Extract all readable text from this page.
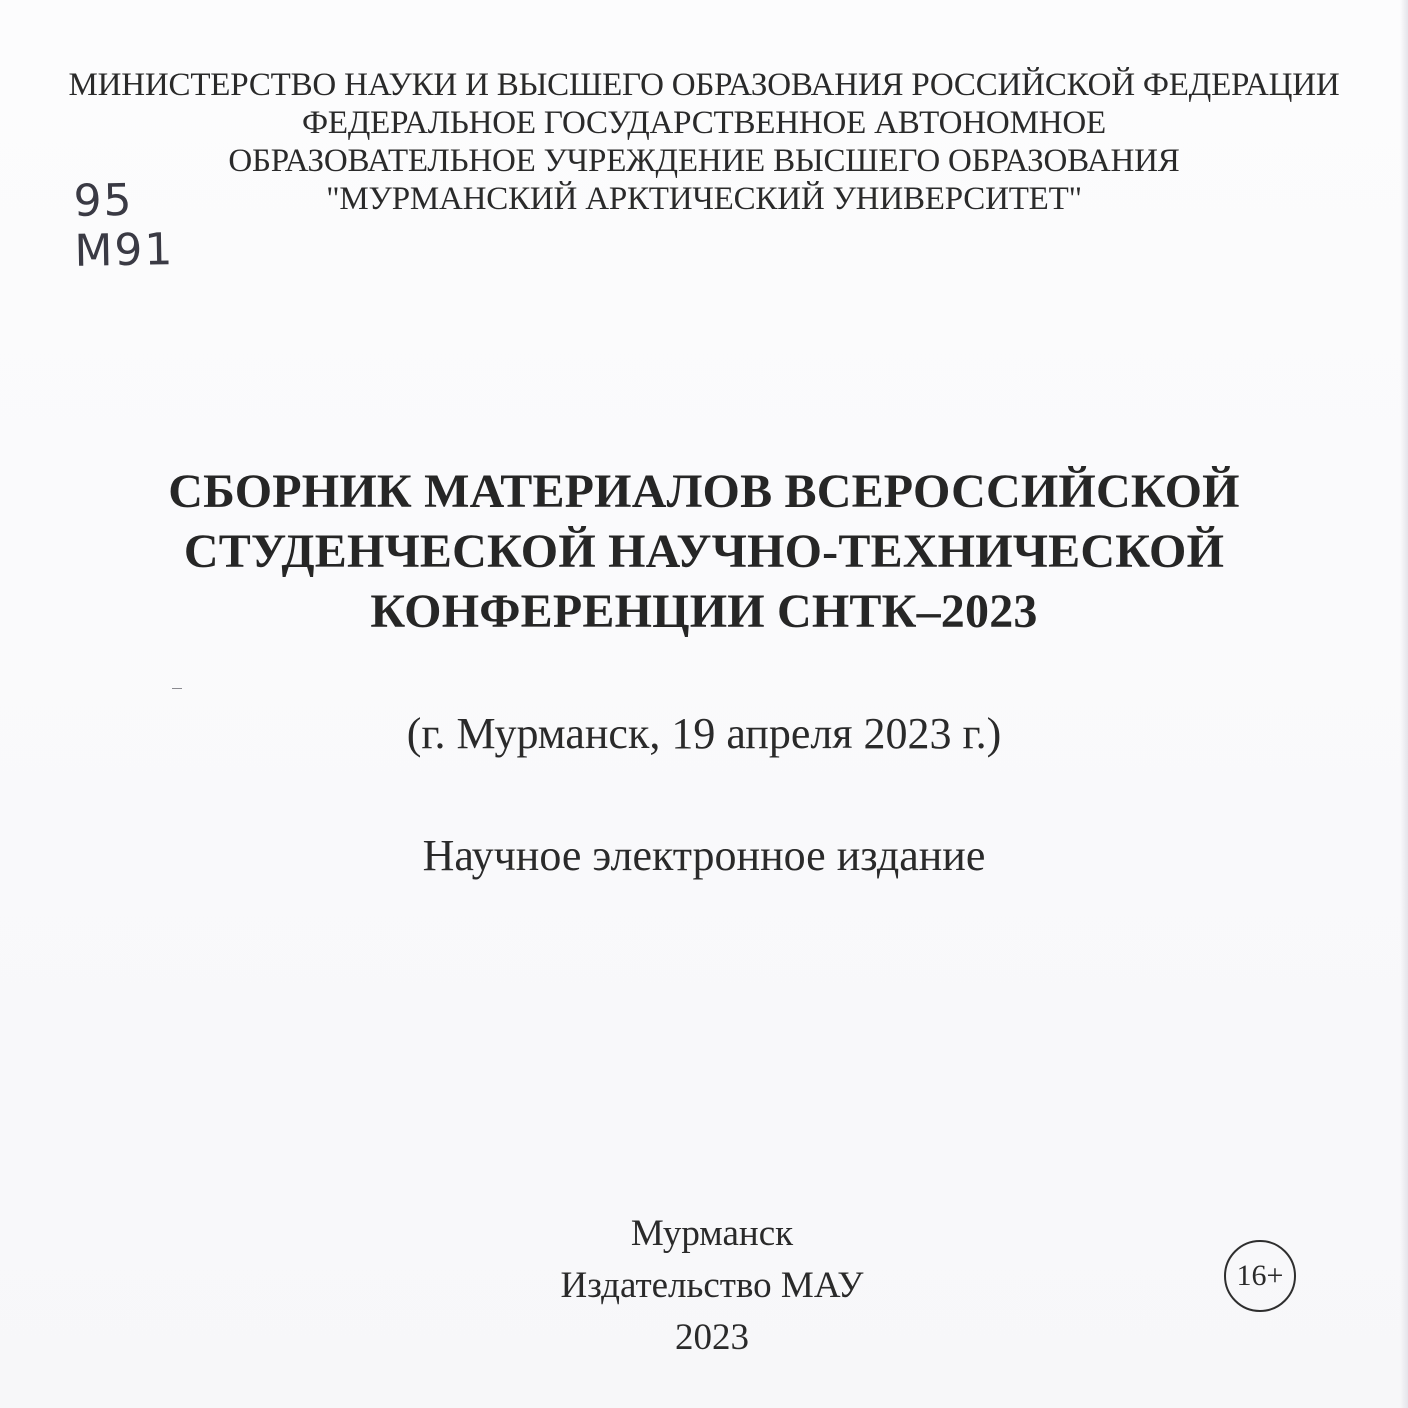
МИНИСТЕРСТВО НАУКИ И ВЫСШЕГО ОБРАЗОВАНИЯ РОССИЙСКОЙ ФЕДЕРАЦИИ
ФЕДЕРАЛЬНОЕ ГОСУДАРСТВЕННОЕ АВТОНОМНОЕ
ОБРАЗОВАТЕЛЬНОЕ УЧРЕЖДЕНИЕ ВЫСШЕГО ОБРАЗОВАНИЯ
"МУРМАНСКИЙ АРКТИЧЕСКИЙ УНИВЕРСИТЕТ"
95
М91
СБОРНИК МАТЕРИАЛОВ ВСЕРОССИЙСКОЙ
СТУДЕНЧЕСКОЙ НАУЧНО-ТЕХНИЧЕСКОЙ
КОНФЕРЕНЦИИ СНТК–2023
(г. Мурманск, 19 апреля 2023 г.)
Научное электронное издание
Мурманск
Издательство МАУ
2023
16+
